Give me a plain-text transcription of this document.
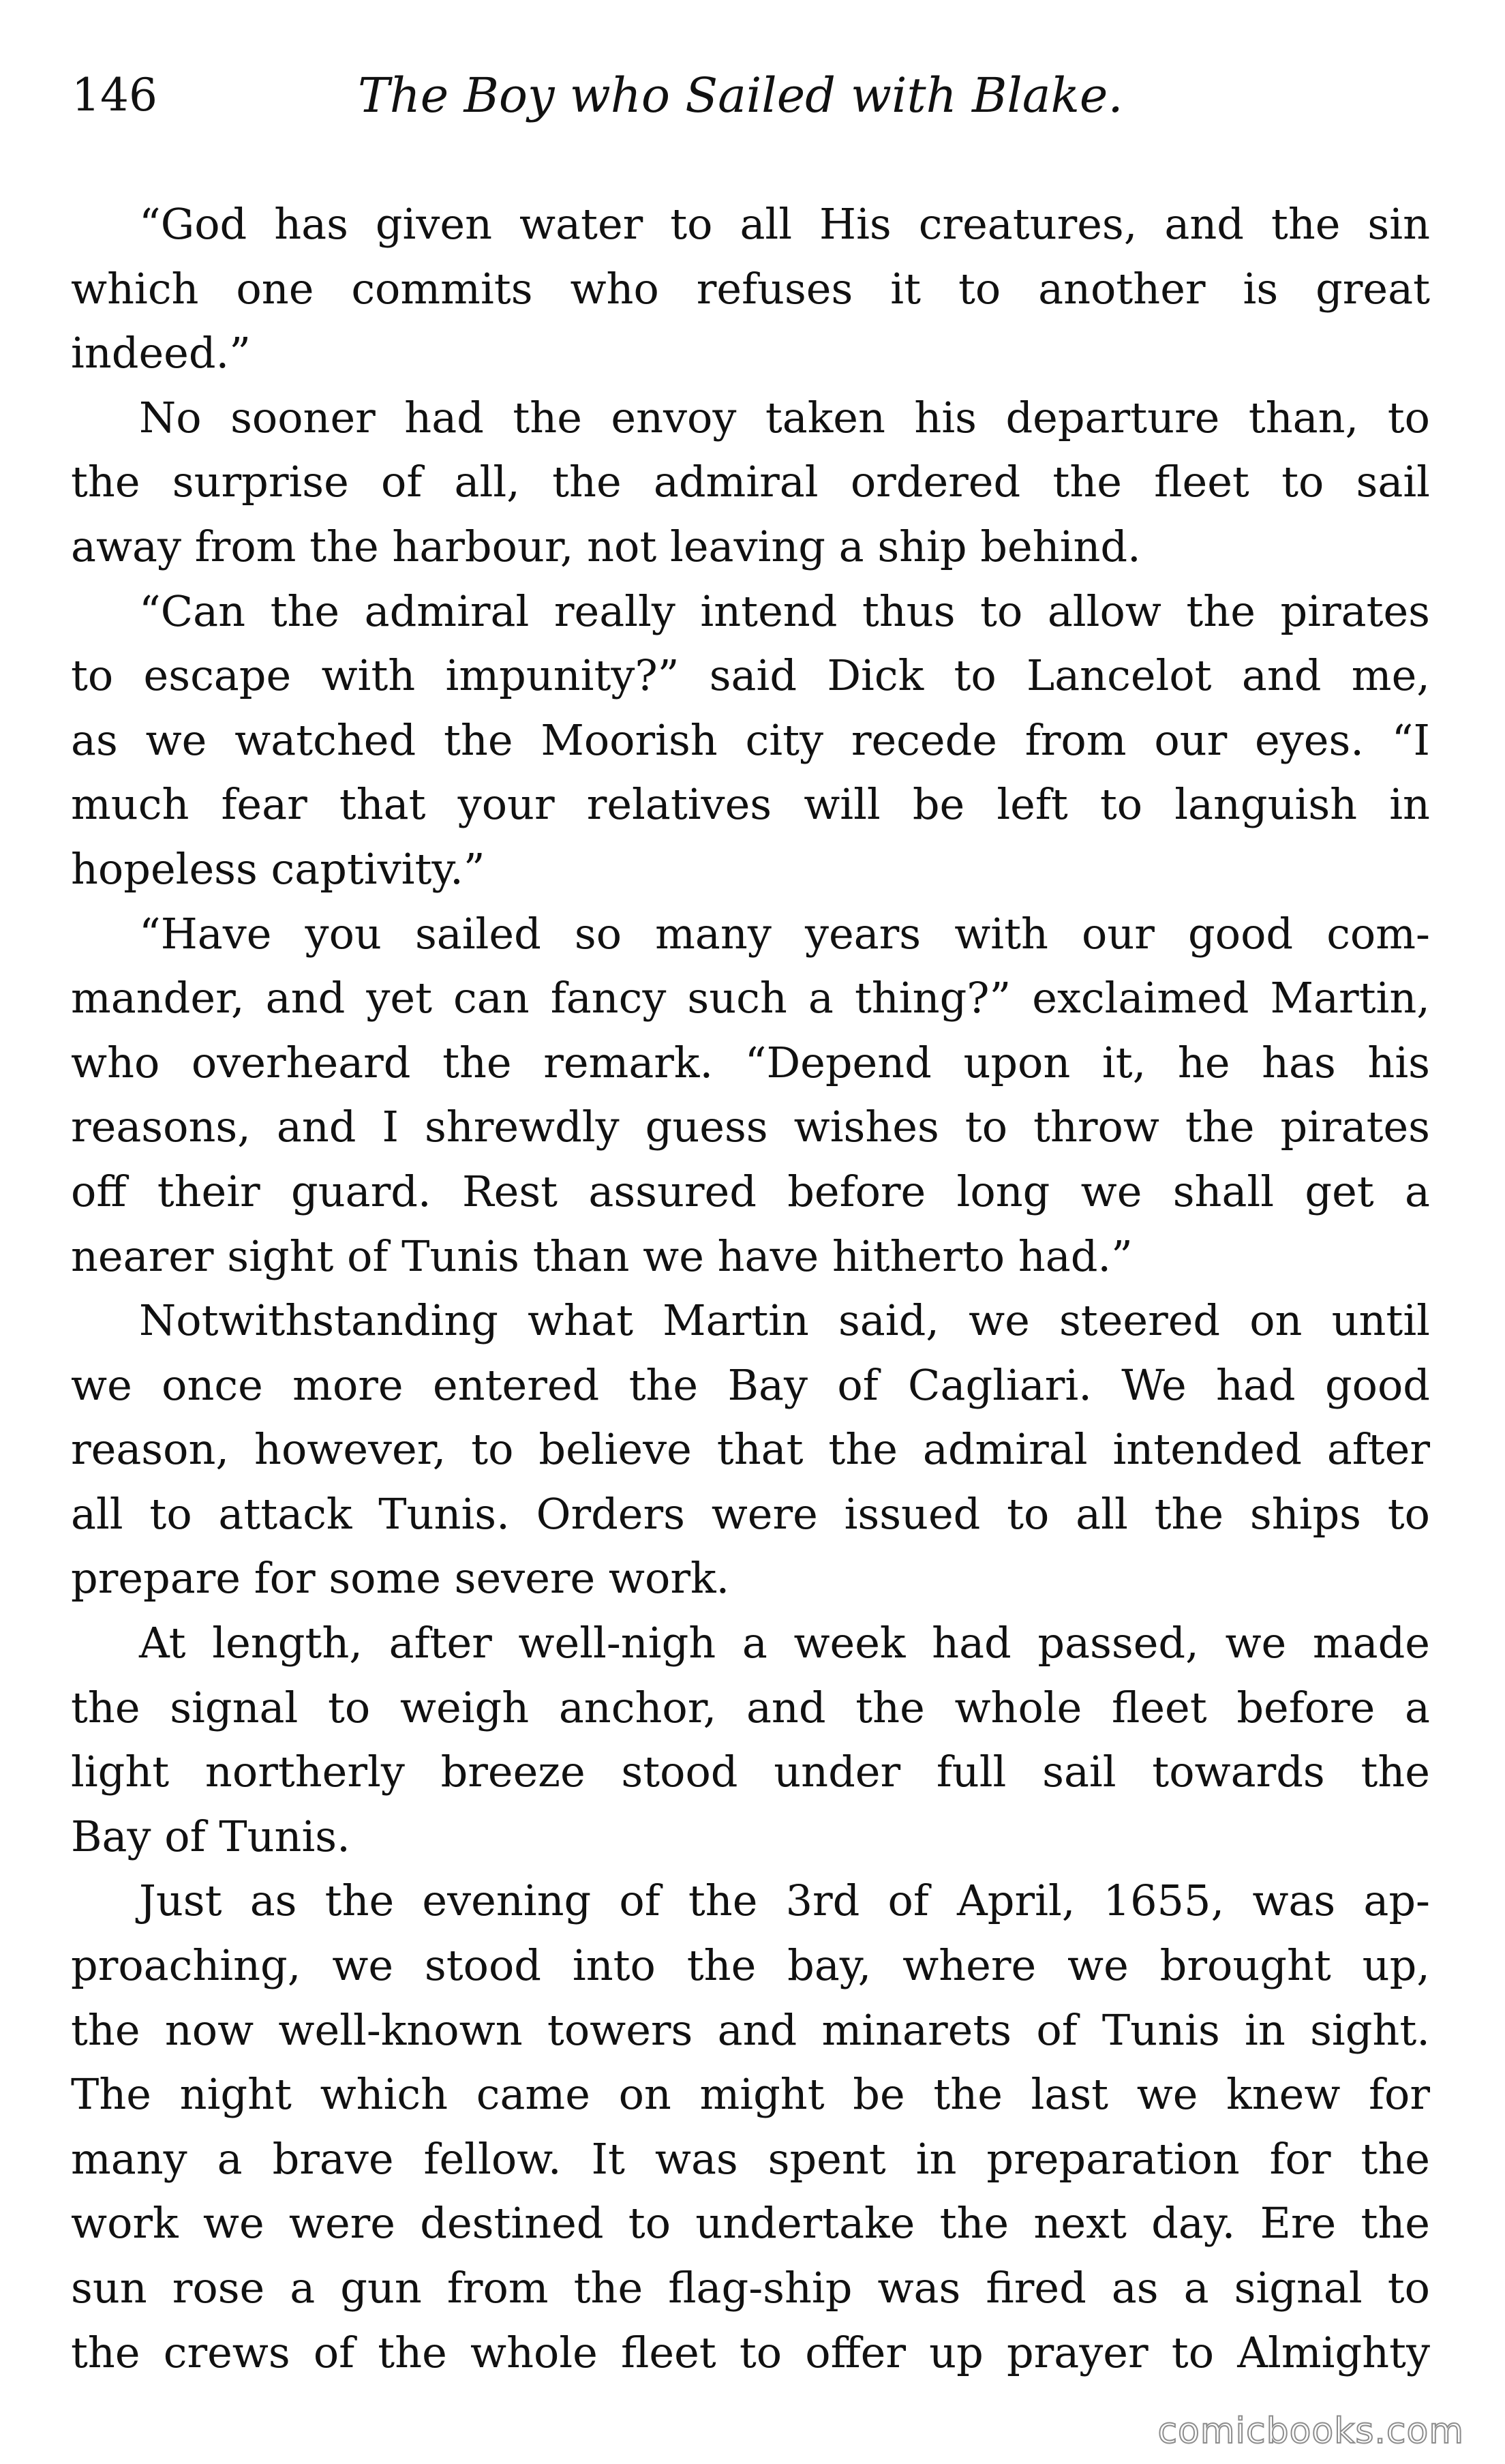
146	The Boy who Sailed with Blake.
“God has given water to all His creatures, and the sin
which one commits who refuses it to another is great
indeed.”
No sooner had the envoy taken his departure than, to
the surprise of all, the admiral ordered the fleet to sail
away from the harbour, not leaving a ship behind.
“Can the admiral really intend thus to allow the pirates
to escape with impunity?” said Dick to Lancelot and me,
as we watched the Moorish city recede from our eyes. “I
much fear that your relatives will be left to languish in
hopeless captivity.”
“Have you sailed so many years with our good com-
mander, and yet can fancy such a thing?” exclaimed Martin,
who overheard the remark. “Depend upon it, he has his
reasons, and I shrewdly guess wishes to throw the pirates
off their guard. Rest assured before long we shall get a
nearer sight of Tunis than we have hitherto had.”
Notwithstanding what Martin said, we steered on until
we once more entered the Bay of Cagliari. We had good
reason, however, to believe that the admiral intended after
all to attack Tunis. Orders were issued to all the ships to
prepare for some severe work.
At length, after well-nigh a week had passed, we made
the signal to weigh anchor, and the whole fleet before a
light northerly breeze stood under full sail towards the
Bay of Tunis.
Just as the evening of the 3rd of April, 1655, was ap-
proaching, we stood into the bay, where we brought up,
the now well-known towers and minarets of Tunis in sight.
The night which came on might be the last we knew for
many a brave fellow. It was spent in preparation for the
work we were destined to undertake the next day. Ere the
sun rose a gun from the flag-ship was fired as a signal to
the crews of the whole fleet to offer up prayer to Almighty
comicbooks.com
